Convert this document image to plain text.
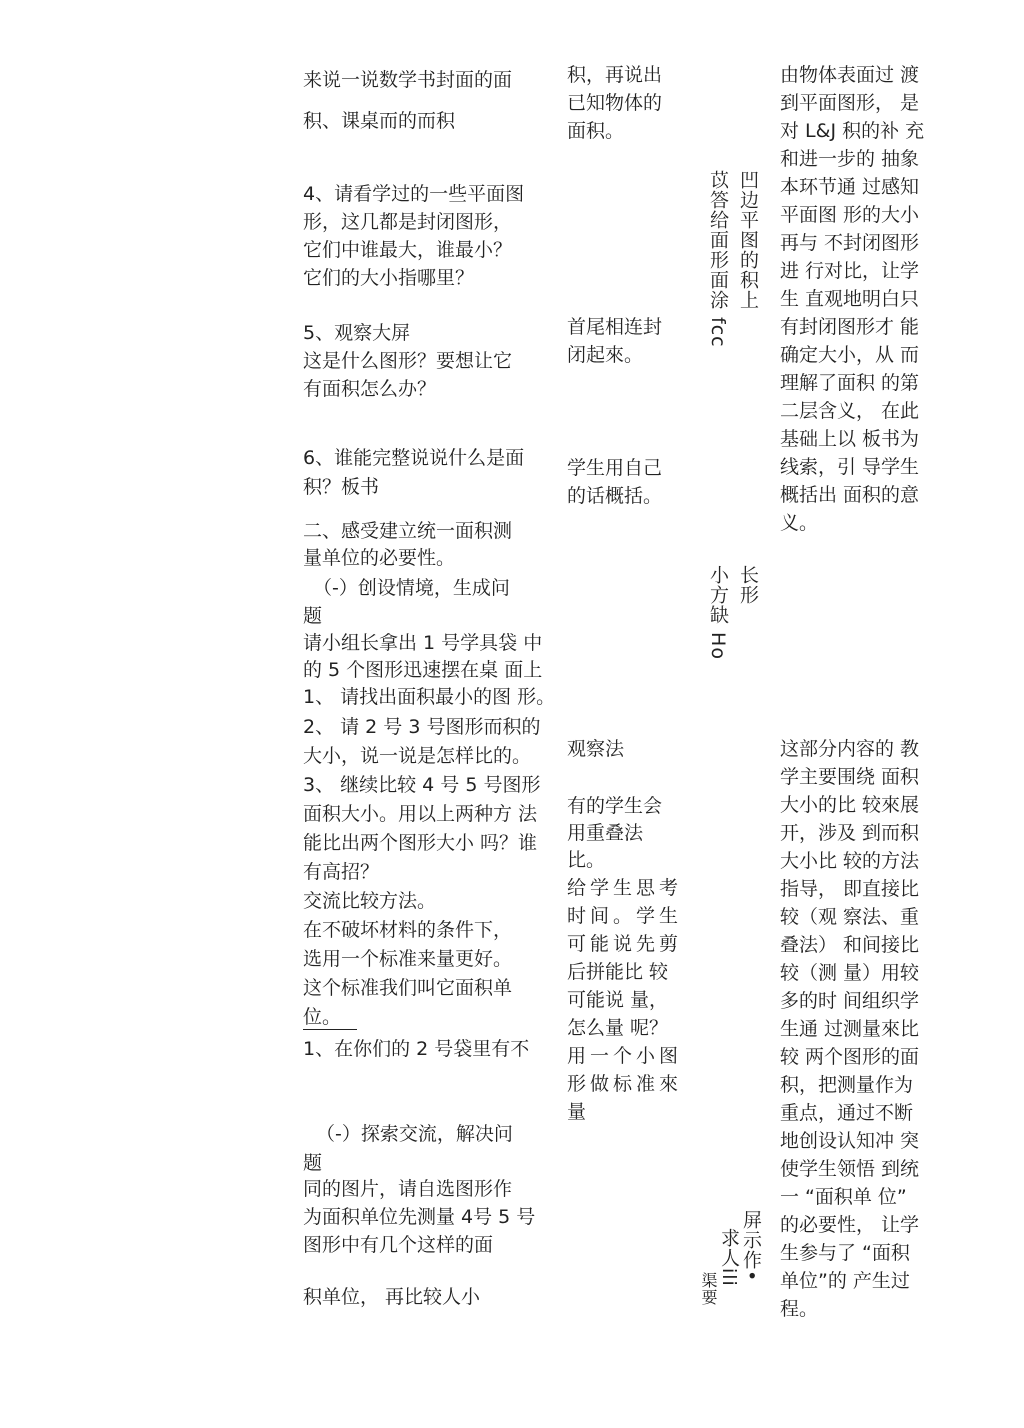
来说一说数学书封面的面
积、课桌而的而积
4、请看学过的一些平面图
形，这几都是封闭图形，
它们中谁最大，谁最小？
它们的大小指哪里？
5、观察大屏
这是什么图形？要想让它
有面积怎么办？
6、谁能完整说说什么是面
积？板书
二、感受建立统一面积测
量单位的必要性。
（-）创设情境，生成问
题
请小组长拿出 1 号学具袋 中
的 5 个图形迅速摆在桌 面上
1、 请找出面积最小的图 形。
2、 请 2 号 3 号图形而积的
大小，说一说是怎样比的。
3、 继续比较 4 号 5 号图形
面积大小。用以上两种方 法
能比出两个图形大小 吗？谁
有高招？
交流比较方法。
在不破坏材料的条件下，
选用一个标准来量更好。
这个标准我们叫它面积单
位。
1、在你们的 2 号袋里有不
（-）探索交流，解决问
题
同的图片，请自选图形作
为面积单位先测量 4号 5 号
图形中有几个这样的面
积单位， 再比较人小
积，再说出
已知物体的
面积。
首尾相连封
闭起來。
学生用自己
的话概括。
观察法
有的学生会
用重叠法
比。
给学生思考
时间。学生
可能说先剪
后拼能比 较
可能说 量，
怎么量 呢？
用一个小图
形做标准來
量
凹边平图的积上
苡答给面形面涂 fcc
长形
小方缺 Ho
屏示作•
求人ili
渠要
由物体表面过 渡
到平面图形， 是
对 L&J 积的补 充
和进一步的 抽象
本环节通 过感知
平面图 形的大小
再与 不封闭图形
进 行对比，让学
生 直观地明白只
有封闭图形才 能
确定大小，从 而
理解了面积 的第
二层含义， 在此
基础上以 板书为
线索，引 导学生
概括出 面积的意
义。
这部分内容的 教
学主要围绕 面积
大小的比 较來展
开，涉及 到而积
大小比 较的方法
指导， 即直接比
较（观 察法、重
叠法） 和间接比
较（测 量）用较
多的时 间组织学
生通 过测量來比
较 两个图形的面
积，把测量作为
重点，通过不断
地创设认知冲 突
使学生领悟 到统
一 “面积单 位”
的必要性， 让学
生参与了 “面积
单位”的 产生过
程。
